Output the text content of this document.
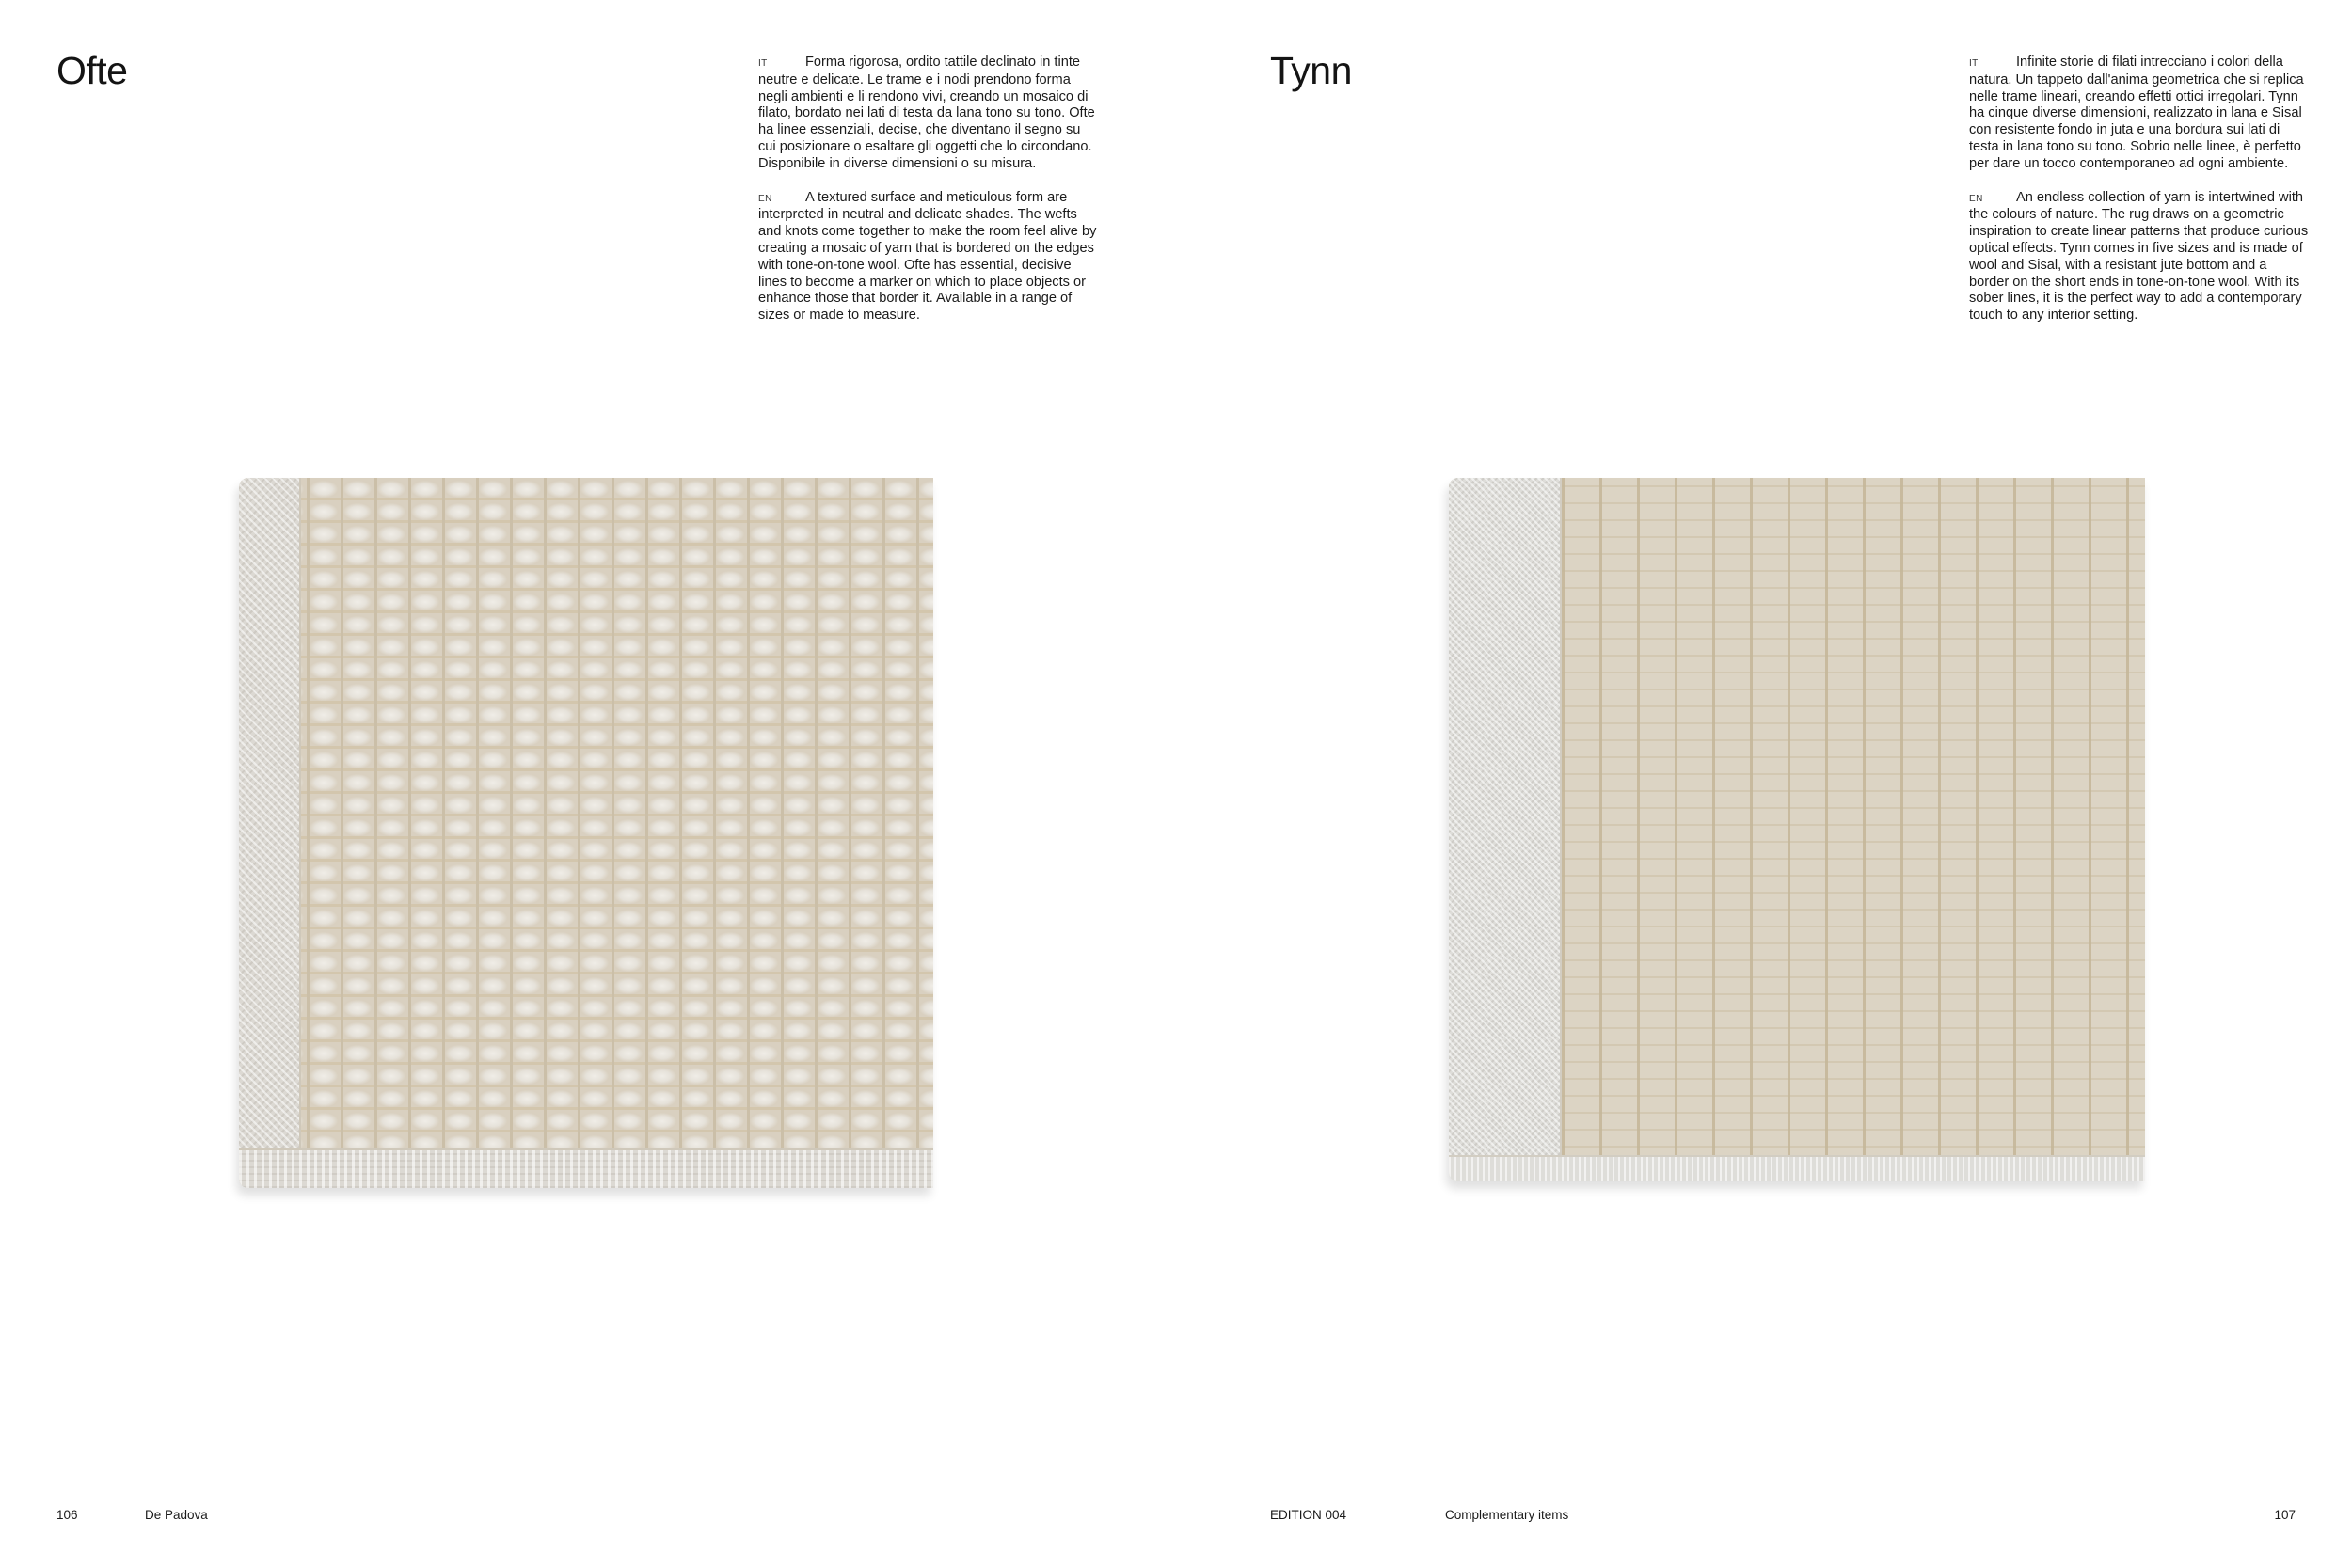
Ofte	IT	Forma rigorosa, ordito tattile declinato in tinte neutre e delicate. Le trame e i nodi prendono forma negli ambienti e li rendono vivi, creando un mosaico di filato, bordato nei lati di testa da lana tono su tono. Ofte ha linee essenziali, decise, che diventano il segno su cui posizionare o esaltare gli oggetti che lo circondano. Disponibile in diverse dimensioni o su misura.

EN A textured surface and meticulous form are interpreted in neutral and delicate shades. The wefts and knots come together to make the room feel alive by creating a mosaic of yarn that is bordered on the edges with tone-on-tone wool. Ofte has essential, decisive lines to become a marker on which to place objects or enhance those that border it. Available in a range of sizes or made to measure.

106	De Padova

Tynn	IT	Infinite storie di filati intrecciano i colori della natura. Un tappeto dall'anima geometrica che si replica nelle trame lineari, creando effetti ottici irregolari. Tynn ha cinque diverse dimensioni, realizzato in lana e Sisal con resistente fondo in juta e una bordura sui lati di testa in lana tono su tono. Sobrio nelle linee, è perfetto per dare un tocco contemporaneo ad ogni ambiente.

EN An endless collection of yarn is intertwined with the colours of nature. The rug draws on a geometric inspiration to create linear patterns that produce curious optical effects. Tynn comes in five sizes and is made of wool and Sisal, with a resistant jute bottom and a border on the short ends in tone-on-tone wool. With its sober lines, it is the perfect way to add a contemporary touch to any interior setting.

EDITION 004	Complementary items	107
